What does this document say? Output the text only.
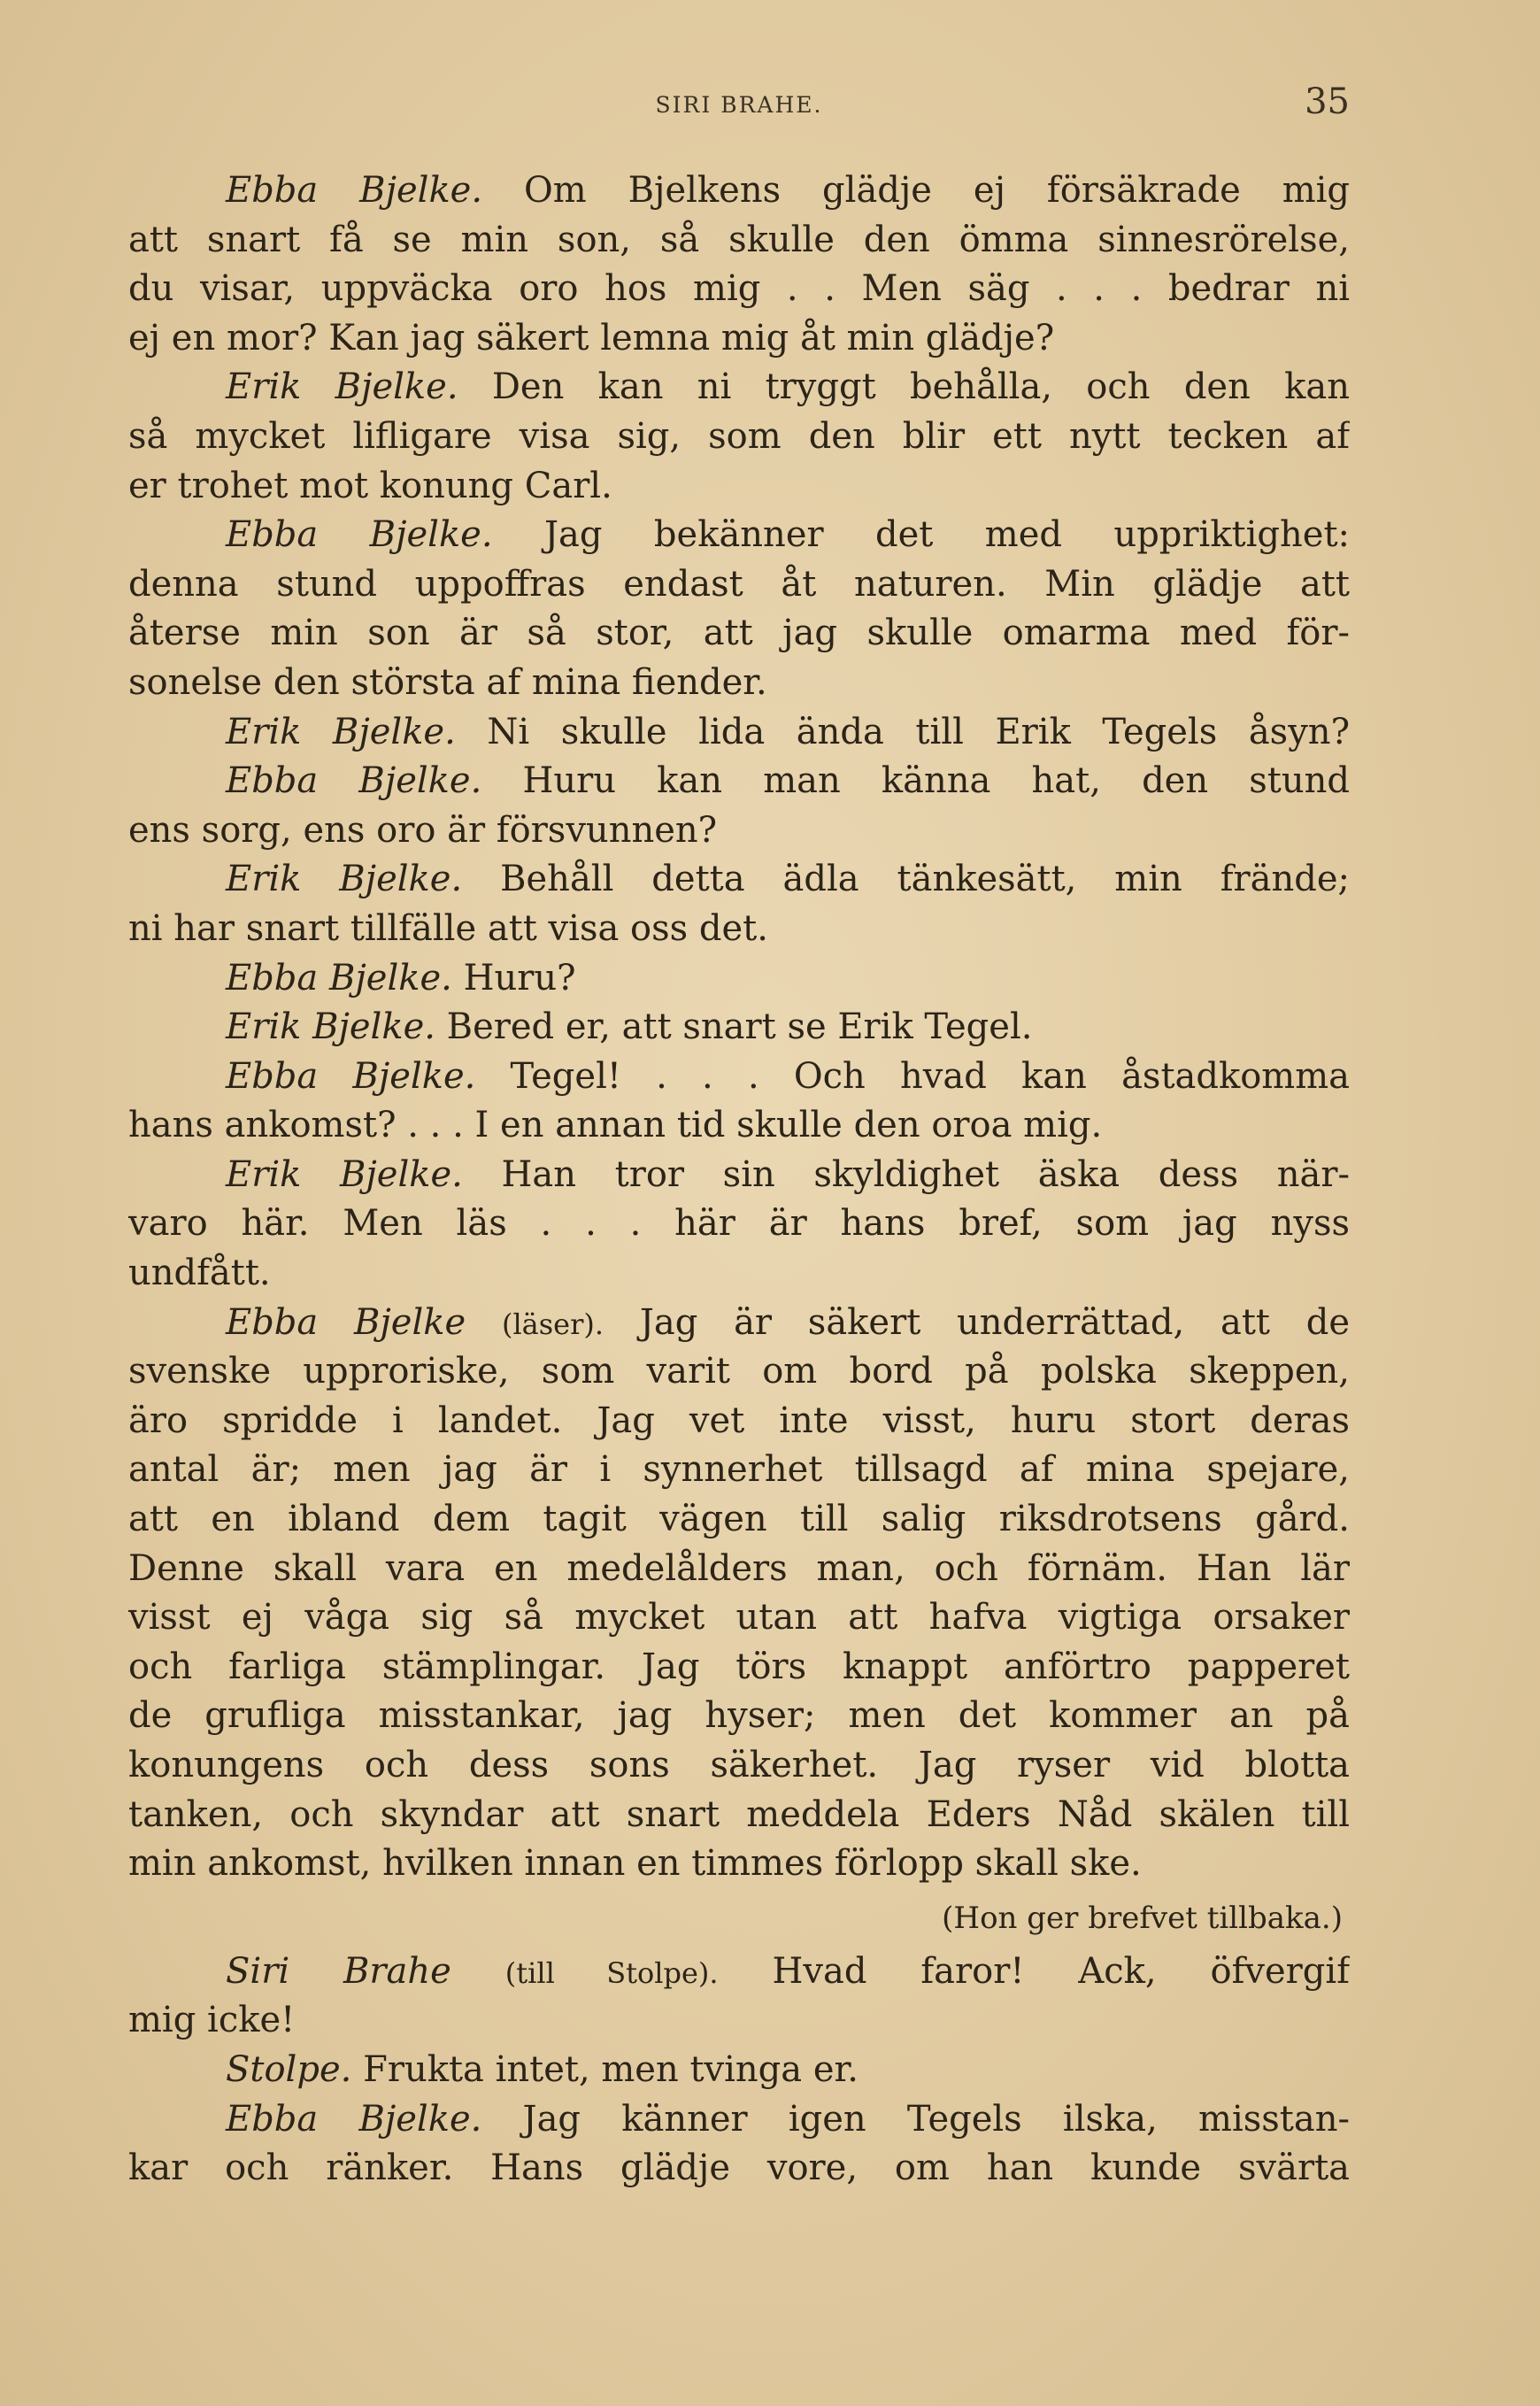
SIRI BRAHE.	35
Ebba Bjelke. Om Bjelkens glädje ej försäkrade mig
att snart få se min son, så skulle den ömma sinnesrörelse,
du visar, uppväcka oro hos mig . . Men säg . . . bedrar ni
ej en mor? Kan jag säkert lemna mig åt min glädje?
Erik Bjelke. Den kan ni tryggt behålla, och den kan
så mycket lifligare visa sig, som den blir ett nytt tecken af
er trohet mot konung Carl.
Ebba Bjelke. Jag bekänner det med uppriktighet:
denna stund uppoffras endast åt naturen. Min glädje att
återse min son är så stor, att jag skulle omarma med för-
sonelse den största af mina fiender.
Erik Bjelke. Ni skulle lida ända till Erik Tegels åsyn?
Ebba Bjelke. Huru kan man känna hat, den stund
ens sorg, ens oro är försvunnen?
Erik Bjelke. Behåll detta ädla tänkesätt, min frände;
ni har snart tillfälle att visa oss det.
Ebba Bjelke. Huru?
Erik Bjelke. Bered er, att snart se Erik Tegel.
Ebba Bjelke. Tegel! . . . Och hvad kan åstadkomma
hans ankomst? . . . I en annan tid skulle den oroa mig.
Erik Bjelke. Han tror sin skyldighet äska dess när-
varo här. Men läs . . . här är hans bref, som jag nyss
undfått.
Ebba Bjelke (läser). Jag är säkert underrättad, att de
svenske upproriske, som varit om bord på polska skeppen,
äro spridde i landet. Jag vet inte visst, huru stort deras
antal är; men jag är i synnerhet tillsagd af mina spejare,
att en ibland dem tagit vägen till salig riksdrotsens gård.
Denne skall vara en medelålders man, och förnäm. Han lär
visst ej våga sig så mycket utan att hafva vigtiga orsaker
och farliga stämplingar. Jag törs knappt anförtro papperet
de grufliga misstankar, jag hyser; men det kommer an på
konungens och dess sons säkerhet. Jag ryser vid blotta
tanken, och skyndar att snart meddela Eders Nåd skälen till
min ankomst, hvilken innan en timmes förlopp skall ske.
(Hon ger brefvet tillbaka.)
Siri Brahe (till Stolpe). Hvad faror! Ack, öfvergif
mig icke!
Stolpe. Frukta intet, men tvinga er.
Ebba Bjelke. Jag känner igen Tegels ilska, misstan-
kar och ränker. Hans glädje vore, om han kunde svärta
